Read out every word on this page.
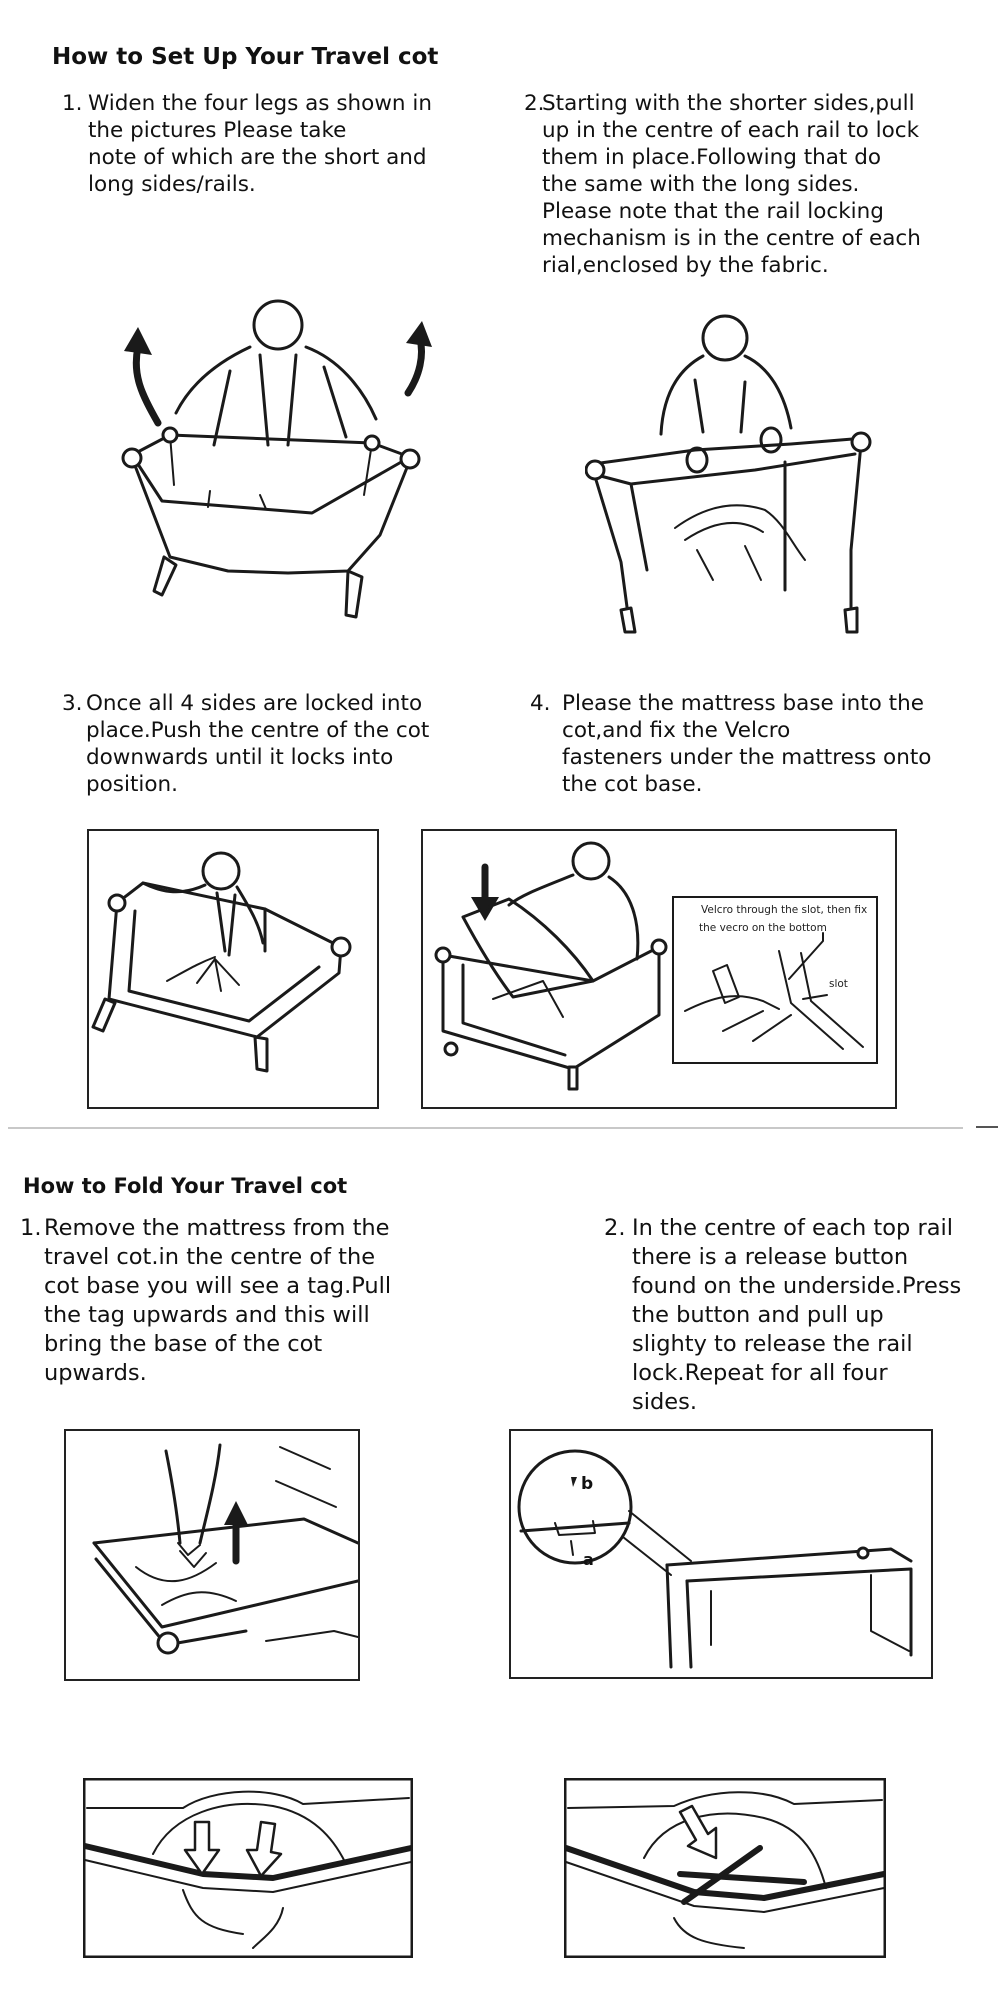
How to Set Up Your Travel cot
1. Widen the four legs as shown in
the pictures Please take
note of which are the short and
long sides/rails.
2.
Starting with the shorter sides,pull
up in the centre of each rail to lock
them in place.Following that do
the same with the long sides.
Please note that the rail locking
mechanism is in the centre of each
rial,enclosed by the fabric.
3. Once all 4 sides are locked into
place.Push the centre of the cot
downwards until it locks into
position.
4. Please the mattress base into the
cot,and fix the Velcro
fasteners under the mattress onto
the cot base.
Velcro through the slot, then fix
the vecro on the bottom
slot
How to Fold Your Travel cot
1. Remove the mattress from the
travel cot.in the centre of the
cot base you will see a tag.Pull
the tag upwards and this will
bring the base of the cot
upwards.
2. In the centre of each top rail
there is a release button
found on the underside.Press
the button and pull up
slighty to release the rail
lock.Repeat for all four
sides.
b
a
